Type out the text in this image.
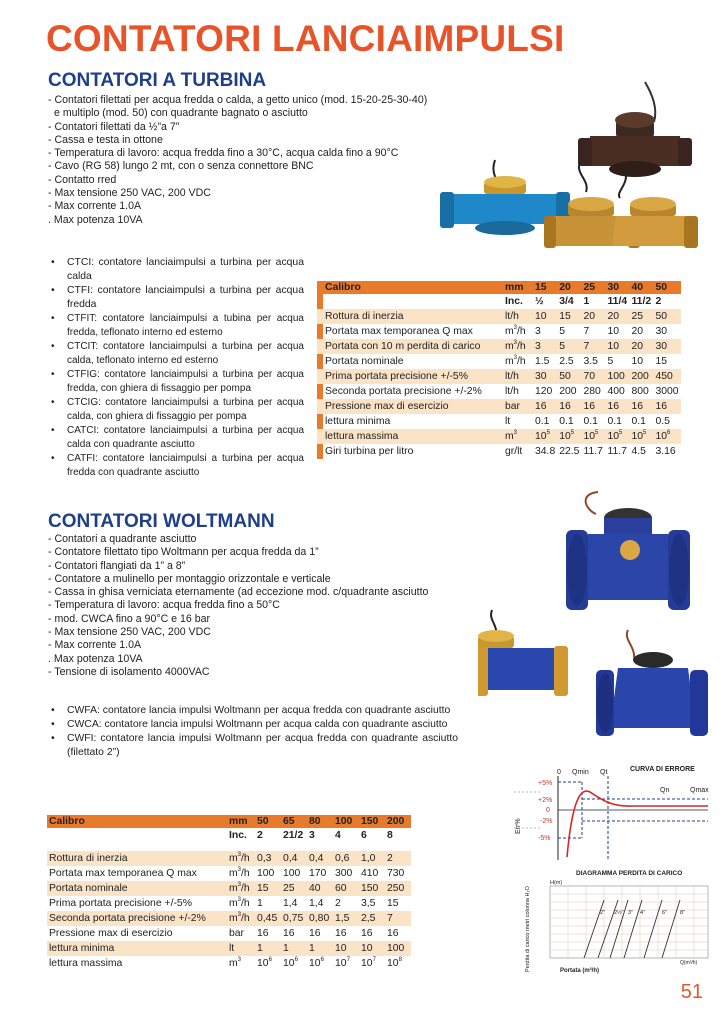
CONTATORI LANCIAIMPULSI
CONTATORI A TURBINA
- Contatori filettati per acqua fredda o calda, a getto unico (mod. 15-20-25-30-40)
e multiplo (mod. 50) con quadrante bagnato o asciutto
- Contatori filettati da ½”a 7”
- Cassa e testa in ottone
- Temperatura di lavoro: acqua fredda fino a 30°C, acqua calda fino a 90°C
- Cavo (RG 58) lungo 2 mt, con o senza connettore BNC
- Contatto rred
- Max tensione 250 VAC, 200 VDC
- Max corrente 1.0A
. Max potenza 10VA
• CTCI: contatore lanciaimpulsi a turbina per acqua calda
• CTFI: contatore lanciaimpulsi a turbina per acqua fredda
• CTFIT: contatore lanciaimpulsi a tubina per acqua fredda, teflonato interno ed esterno
• CTCIT: contatore lanciaimpulsi a turbina per acqua calda, teflonato interno ed esterno
• CTFIG: contatore lanciaimpulsi a turbina per acqua fredda, con ghiera di fissaggio per pompa
• CTCIG: contatore lanciaimpulsi a turbina per acqua calda, con ghiera di fissaggio per pompa
• CATCI: contatore lanciaimpulsi a turbina per acqua calda con quadrante asciutto
• CATFI: contatore lanciaimpulsi a turbina per acqua fredda con quadrante asciutto
	Calibro	mm	15	20	25	30	40	50
		Inc.	½	3/4	1	11/4	11/2	2
	Rottura di inerzia	lt/h	10	15	20	20	25	50
	Portata max temporanea Q max	$m^3/h$	3	5	7	10	20	30
	Portata con 10 m perdita di carico	$m^3/h$	3	5	7	10	20	30
	Portata nominale	$m^3/h$	1.5	2.5	3.5	5	10	15
	Prima portata precisione +/-5%	lt/h	30	50	70	100	200	450
	Seconda portata precisione +/-2%	lt/h	120	200	280	400	800	3000
	Pressione max di esercizio	bar	16	16	16	16	16	16
	lettura minima	lt	0.1	0.1	0.1	0.1	0.1	0.5
	lettura massima	$m^3$	$10^5$	$10^5$	$10^5$	$10^5$	$10^5$	$10^6$
	Giri turbina per litro	gr/lt	34.8	22.5	11.7	11.7	4.5	3.16
CONTATORI WOLTMANN
- Contatori a quadrante asciutto
- Contatore filettato tipo Woltmann per acqua fredda da 1”
- Contatori flangiati da 1” a 8”
- Contatore a mulinello per montaggio orizzontale e verticale
- Cassa in ghisa verniciata eternamente (ad eccezione mod. c/quadrante asciutto
- Temperatura di lavoro: acqua fredda fino a 50°C
- mod. CWCA fino a 90°C e 16 bar
- Max tensione 250 VAC, 200 VDC
- Max corrente 1.0A
. Max potenza 10VA
- Tensione di isolamento 4000VAC
• CWFA: contatore lancia impulsi Woltmann per acqua fredda con quadrante asciutto
• CWCA: contatore lancia impulsi Woltmann per acqua calda con quadrante asciutto
• CWFI: contatore lancia impulsi Woltmann per acqua fredda con quadrante asciutto (filettato 2”)
Calibro	mm	50	65	80	100	150	200
	Inc.	2	21/2	3	4	6	8

Rottura di inerzia	$m^3/h$	0,3	0,4	0,4	0,6	1,0	2
Portata max temporanea Q max	$m^3/h$	100	100	170	300	410	730
Portata nominale	$m^3/h$	15	25	40	60	150	250
Prima portata precisione +/-5%	$m^3/h$	1	1,4	1,4	2	3,5	15
Seconda portata precisione +/-2%	$m^3/h$	0,45	0,75	0,80	1,5	2,5	7
Pressione max di esercizio	bar	16	16	16	16	16	16
lettura minima	lt	1	1	1	10	10	100
lettura massima	$m^3$	$10^6$	$10^6$	$10^6$	$10^7$	$10^7$	$10^8$
CURVA DI ERRORE
Err%
+5%
+2%
0
-2%
-5%
0 Qmin Qt
Qn	Qmax
DIAGRAMMA PERDITA DI CARICO
Perdita di carico metri colonna H₂O
H(m)
Portata (m³/h)
Q(m³/h)
2" 2½" 3" 4"	6" 8"
51
